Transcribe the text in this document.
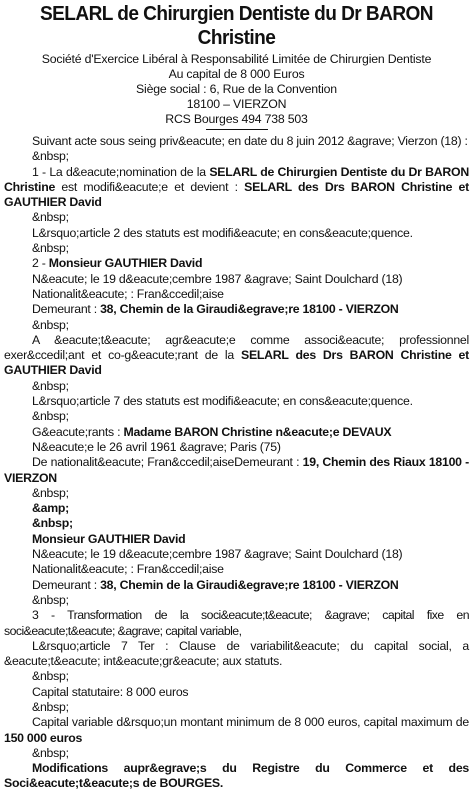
SELARL de Chirurgien Dentiste du Dr BARON Christine
Société d'Exercice Libéral à Responsabilité Limitée de Chirurgien Dentiste
Au capital de 8 000 Euros
Siège social : 6, Rue de la Convention
18100 – VIERZON
RCS Bourges 494 738 503

Suivant acte sous seing priv&eacute; en date du 8 juin 2012 &agrave; Vierzon (18) :

&nbsp;

1 - La d&eacute;nomination de la SELARL de Chirurgien Dentiste du Dr BARON Christine est modifi&eacute;e et devient : SELARL des Drs BARON Christine et GAUTHIER David

&nbsp;

L&rsquo;article 2 des statuts est modifi&eacute; en cons&eacute;quence.

&nbsp;

2 - Monsieur GAUTHIER David

N&eacute; le 19 d&eacute;cembre 1987 &agrave; Saint Doulchard (18)

Nationalit&eacute; : Fran&ccedil;aise

Demeurant : 38, Chemin de la Giraudi&egrave;re 18100 - VIERZON

&nbsp;

A &eacute;t&eacute; agr&eacute;e comme associ&eacute; professionnel exer&ccedil;ant et co-g&eacute;rant de la SELARL des Drs BARON Christine et GAUTHIER David

&nbsp;

L&rsquo;article 7 des statuts est modifi&eacute; en cons&eacute;quence.

&nbsp;

G&eacute;rants : Madame BARON Christine n&eacute;e DEVAUX

N&eacute;e le 26 avril 1961 &agrave; Paris (75)

De nationalit&eacute; Fran&ccedil;aiseDemeurant : 19, Chemin des Riaux 18100 - VIERZON

&nbsp;

&amp;

&nbsp;

Monsieur GAUTHIER David

N&eacute; le 19 d&eacute;cembre 1987 &agrave; Saint Doulchard (18)

Nationalit&eacute; : Fran&ccedil;aise

Demeurant : 38, Chemin de la Giraudi&egrave;re 18100 - VIERZON

&nbsp;

3 - Transformation de la soci&eacute;t&eacute; &agrave; capital fixe en soci&eacute;t&eacute; &agrave; capital variable,

L&rsquo;article 7 Ter : Clause de variabilit&eacute; du capital social, a &eacute;t&eacute; int&eacute;gr&eacute; aux statuts.

&nbsp;

Capital statutaire: 8 000 euros

&nbsp;

Capital variable d&rsquo;un montant minimum de 8 000 euros, capital maximum de 150 000 euros

&nbsp;

Modifications aupr&egrave;s du Registre du Commerce et des Soci&eacute;t&eacute;s de BOURGES.
